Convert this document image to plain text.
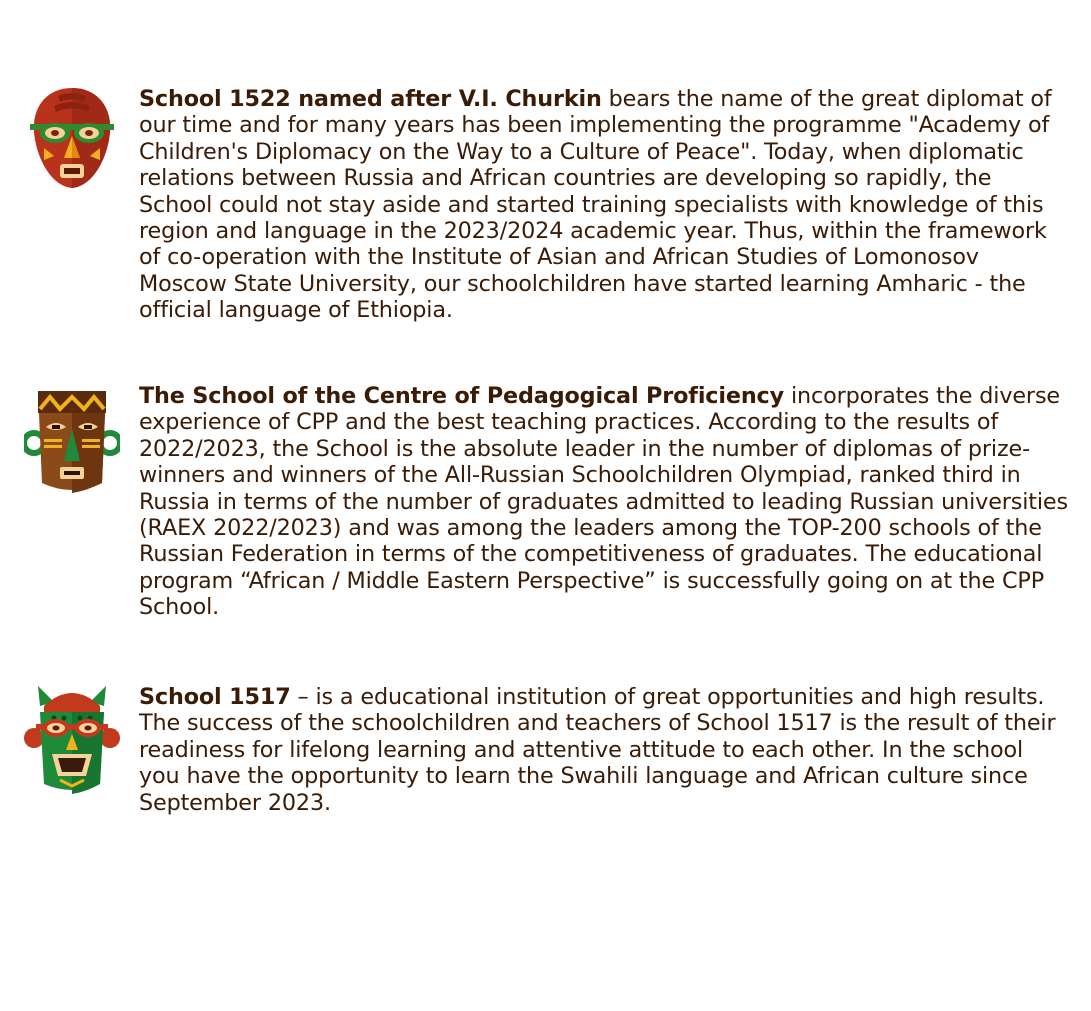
School 1522 named after V.I. Churkin bears the name of the great diplomat of our time and for many years has been implementing the programme "Academy of Children's Diplomacy on the Way to a Culture of Peace". Today, when diplomatic relations between Russia and African countries are developing so rapidly, the School could not stay aside and started training specialists with knowledge of this region and language in the 2023/2024 academic year. Thus, within the framework of co-operation with the Institute of Asian and African Studies of Lomonosov Moscow State University, our schoolchildren have started learning Amharic - the official language of Ethiopia.

The School of the Centre of Pedagogical Proficiency incorporates the diverse experience of CPP and the best teaching practices. According to the results of 2022/2023, the School is the absolute leader in the number of diplomas of prize-winners and winners of the All-Russian Schoolchildren Olympiad, ranked third in Russia in terms of the number of graduates admitted to leading Russian universities (RAEX 2022/2023) and was among the leaders among the TOP-200 schools of the Russian Federation in terms of the competitiveness of graduates. The educational program “African / Middle Eastern Perspective” is successfully going on at the CPP School.

School 1517 – is a educational institution of great opportunities and high results. The success of the schoolchildren and teachers of School 1517 is the result of their readiness for lifelong learning and attentive attitude to each other. In the school you have the opportunity to learn the Swahili language and African culture since September 2023.
